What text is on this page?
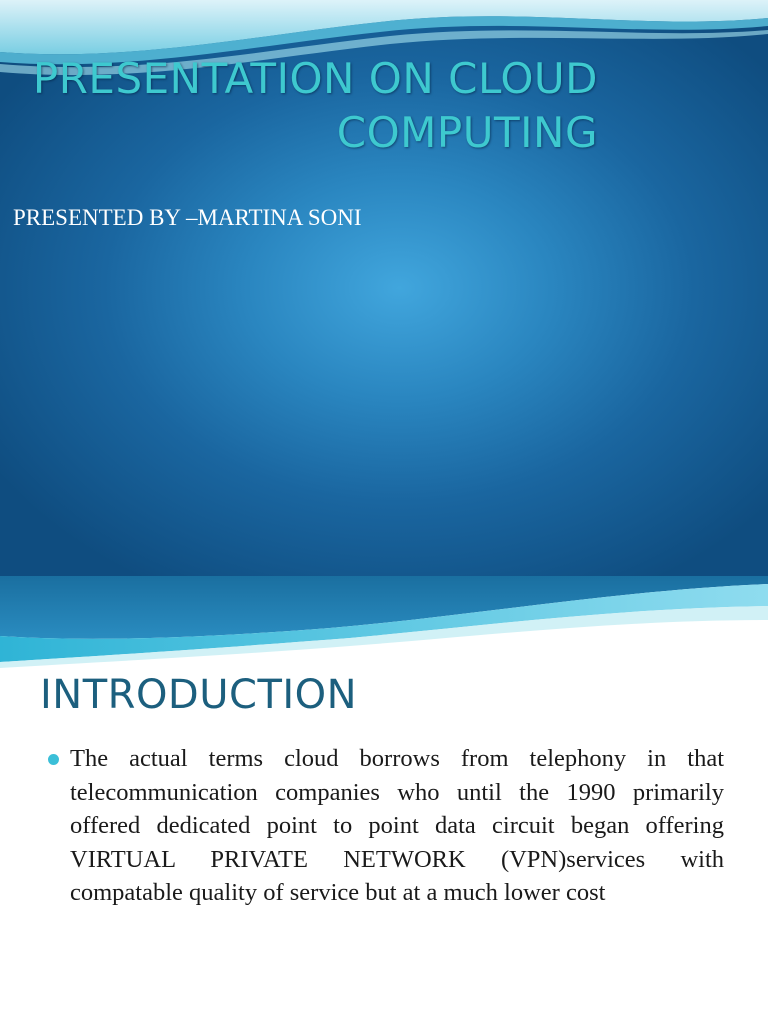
PRESENTATION ON CLOUD COMPUTING
PRESENTED BY –MARTINA SONI
INTRODUCTION
The actual terms cloud borrows from telephony in that telecommunication companies who until the 1990 primarily offered dedicated point to point data circuit began offering VIRTUAL PRIVATE NETWORK (VPN)services with compatable quality of service but at a much lower cost
